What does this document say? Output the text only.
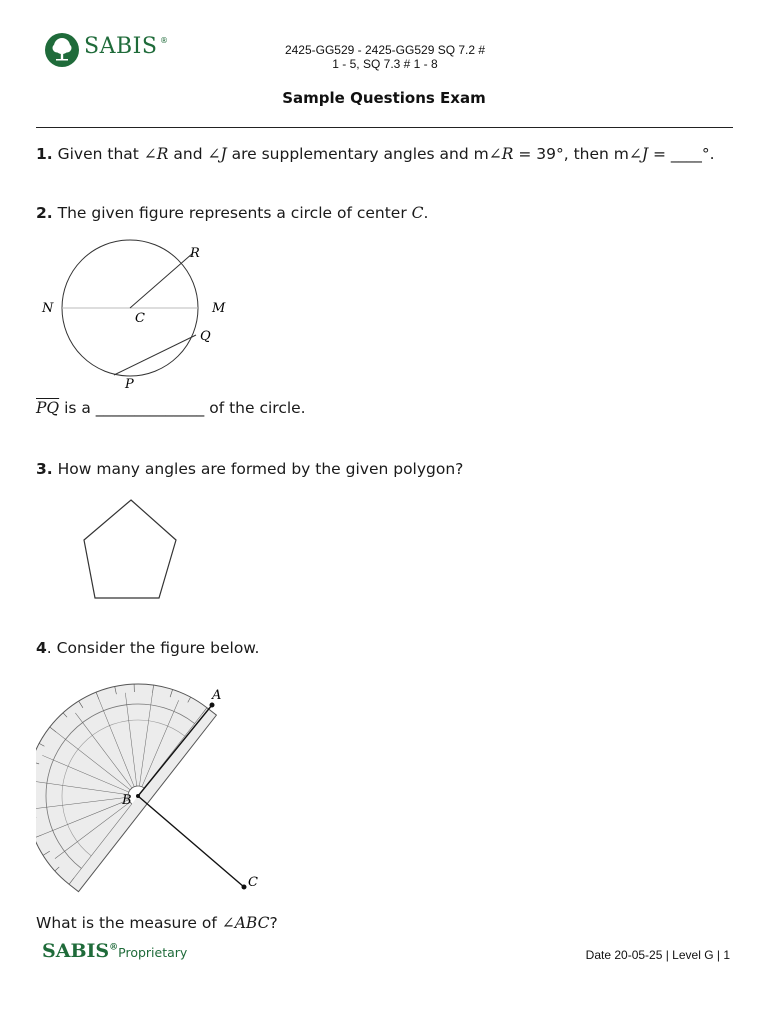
SABIS ®
2425-GG529 - 2425-GG529 SQ 7.2 #
1 - 5, SQ 7.3 # 1 - 8
Sample Questions Exam
1. Given that ∠R and ∠J are supplementary angles and m∠R = 39°, then m∠J = ____°.
2. The given figure represents a circle of center C.
R
N	M
C
Q
P
$\overline{PQ}$ is a ______________ of the circle.
3. How many angles are formed by the given polygon?
4. Consider the figure below.
A
B
C
What is the measure of ∠ABC?
SABIS®Proprietary	Date 20-05-25 | Level G | 1
